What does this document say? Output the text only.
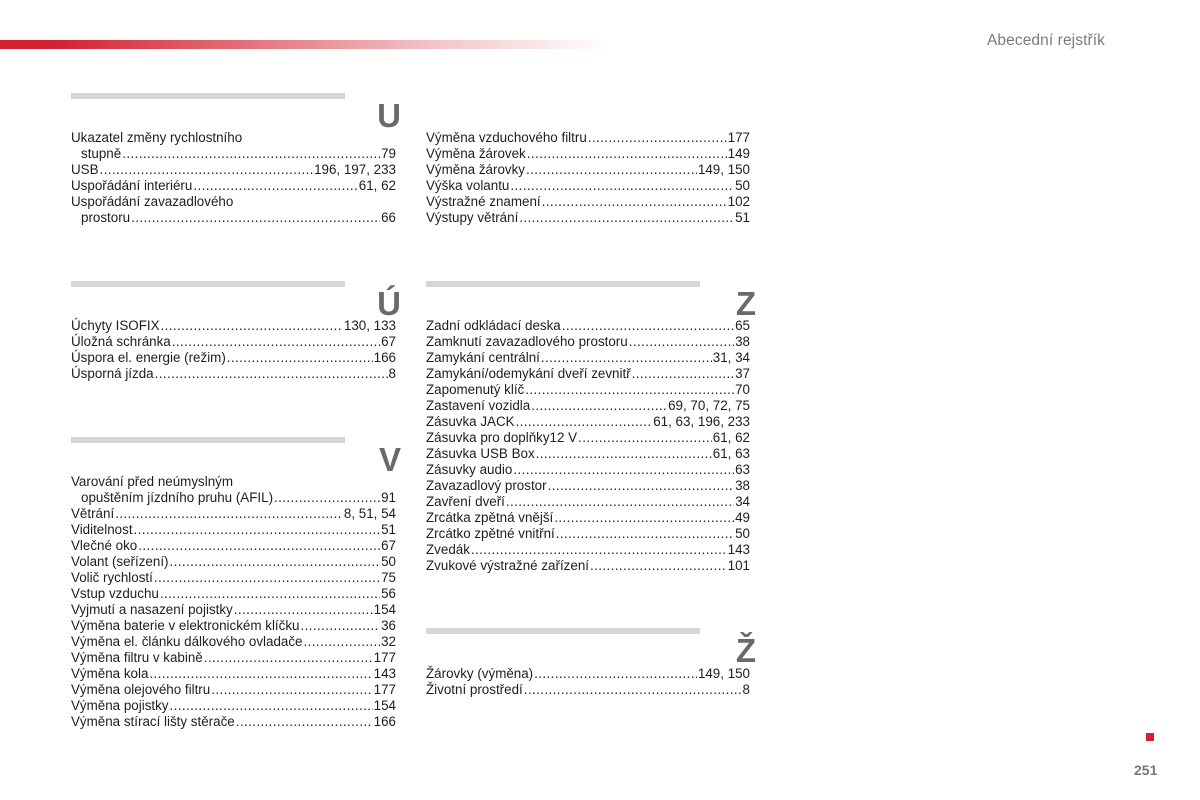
Abecední rejstřík
U
Ukazatel změny rychlostního
stupně .....	79
USB .....	196, 197, 233
Uspořádání interiéru .....	61, 62
Uspořádání zavazadlového
prostoru .....	66
Výměna vzduchového filtru .....	177
Výměna žárovek .....	149
Výměna žárovky .....	149, 150
Výška volantu .....	50
Výstražné znamení .....	102
Výstupy větrání .....	51
Ú
Úchyty ISOFIX .....	130, 133
Úložná schránka .....	67
Úspora el. energie (režim) .....	166
Úsporná jízda .....	8
V
Varování před neúmyslným
opuštěním jízdního pruhu (AFIL) .....	91
Větrání .....	8, 51, 54
Viditelnost .....	51
Vlečné oko .....	67
Volant (seřízení) .....	50
Volič rychlostí .....	75
Vstup vzduchu .....	56
Vyjmutí a nasazení pojistky .....	154
Výměna baterie v elektronickém klíčku .....	36
Výměna el. článku dálkového ovladače .....	32
Výměna filtru v kabině .....	177
Výměna kola .....	143
Výměna olejového filtru .....	177
Výměna pojistky .....	154
Výměna stírací lišty stěrače .....	166
Z
Zadní odkládací deska .....	65
Zamknutí zavazadlového prostoru .....	38
Zamykání centrální .....	31, 34
Zamykání/odemykání dveří zevnitř .....	37
Zapomenutý klíč .....	70
Zastavení vozidla .....	69, 70, 72, 75
Zásuvka JACK .....	61, 63, 196, 233
Zásuvka pro doplňky12 V .....	61, 62
Zásuvka USB Box .....	61, 63
Zásuvky audio .....	63
Zavazadlový prostor .....	38
Zavření dveří .....	34
Zrcátka zpětná vnější .....	49
Zrcátko zpětné vnitřní .....	50
Zvedák .....	143
Zvukové výstražné zařízení .....	101
Ž
Žárovky (výměna) .....	149, 150
Životní prostředí .....	8
251
